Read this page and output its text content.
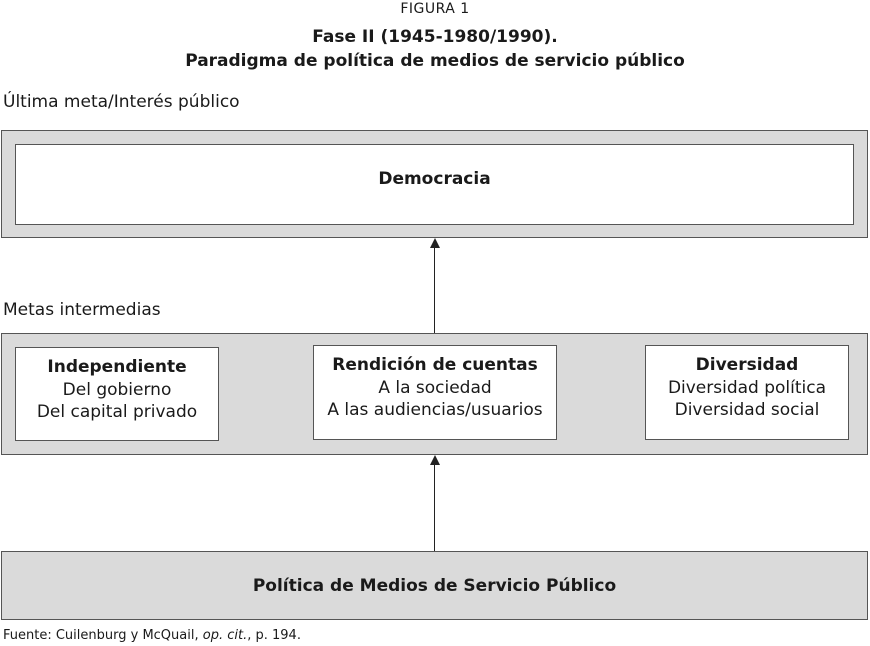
FIGURA 1
Fase II (1945-1980/1990).
Paradigma de política de medios de servicio público
Última meta/Interés público
Democracia
Metas intermedias
Independiente
Del gobierno
Del capital privado
Rendición de cuentas
A la sociedad
A las audiencias/usuarios
Diversidad
Diversidad política
Diversidad social
Política de Medios de Servicio Público
Fuente: Cuilenburg y McQuail, op. cit., p. 194.
